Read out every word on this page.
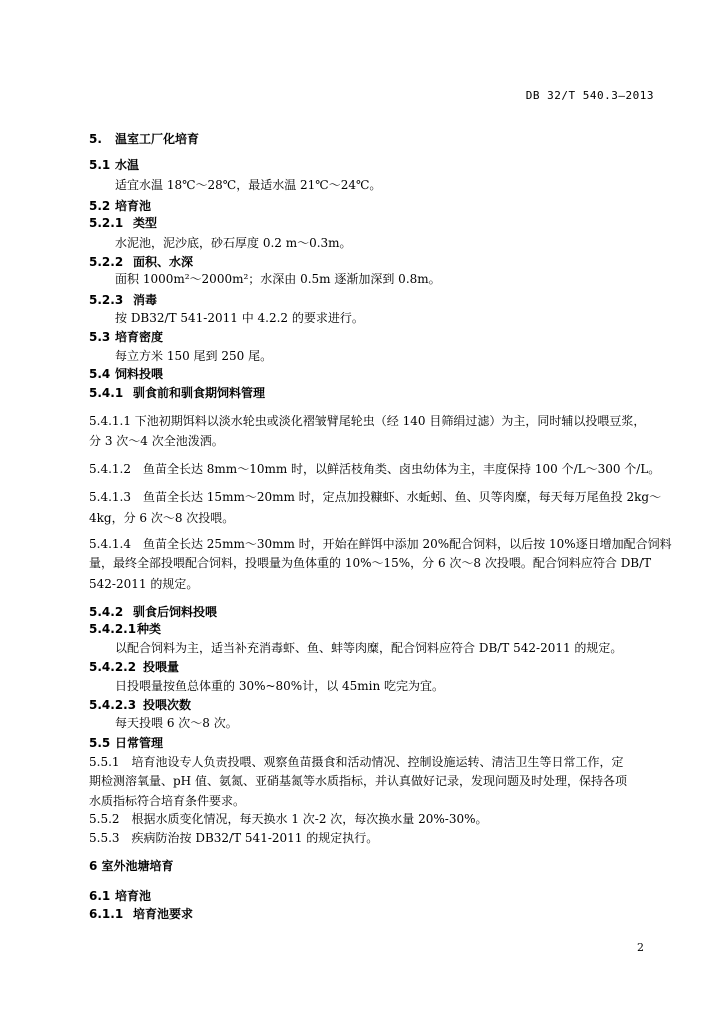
DB 32/T 540.3—2013
5. 温室工厂化培育
5.1 水温
适宜水温 18℃～28℃，最适水温 21℃～24℃。
5.2 培育池
5.2.1 类型
水泥池，泥沙底，砂石厚度 0.2 m～0.3m。
5.2.2 面积、水深
面积 1000m²～2000m²；水深由 0.5m 逐渐加深到 0.8m。
5.2.3 消毒
按 DB32/T 541-2011 中 4.2.2 的要求进行。
5.3 培育密度
每立方米 150 尾到 250 尾。
5.4 饲料投喂
5.4.1 驯食前和驯食期饲料管理
5.4.1.1 下池初期饵料以淡水轮虫或淡化褶皱臂尾轮虫（经 140 目筛绢过滤）为主，同时辅以投喂豆浆，
分 3 次～4 次全池泼洒。
5.4.1.2　鱼苗全长达 8mm～10mm 时，以鲜活枝角类、卤虫幼体为主，丰度保持 100 个/L～300 个/L。
5.4.1.3　鱼苗全长达 15mm～20mm 时，定点加投糠虾、水蚯蚓、鱼、贝等肉糜，每天每万尾鱼投 2kg～
4kg，分 6 次～8 次投喂。
5.4.1.4　鱼苗全长达 25mm～30mm 时，开始在鲜饵中添加 20%配合饲料，以后按 10%逐日增加配合饲料
量，最终全部投喂配合饲料，投喂量为鱼体重的 10%～15%，分 6 次～8 次投喂。配合饲料应符合 DB/T
542-2011 的规定。
5.4.2 驯食后饲料投喂
5.4.2.1种类
以配合饲料为主，适当补充消毒虾、鱼、蚌等肉糜，配合饲料应符合 DB/T 542-2011 的规定。
5.4.2.2 投喂量
日投喂量按鱼总体重的 30%~80%计，以 45min 吃完为宜。
5.4.2.3 投喂次数
每天投喂 6 次～8 次。
5.5 日常管理
5.5.1　培育池设专人负责投喂、观察鱼苗摄食和活动情况、控制设施运转、清洁卫生等日常工作，定
期检测溶氧量、pH 值、氨氮、亚硝基氮等水质指标，并认真做好记录，发现问题及时处理，保持各项
水质指标符合培育条件要求。
5.5.2　根据水质变化情况，每天换水 1 次-2 次，每次换水量 20%-30%。
5.5.3　疾病防治按 DB32/T 541-2011 的规定执行。
6 室外池塘培育
6.1 培育池
6.1.1 培育池要求
2
